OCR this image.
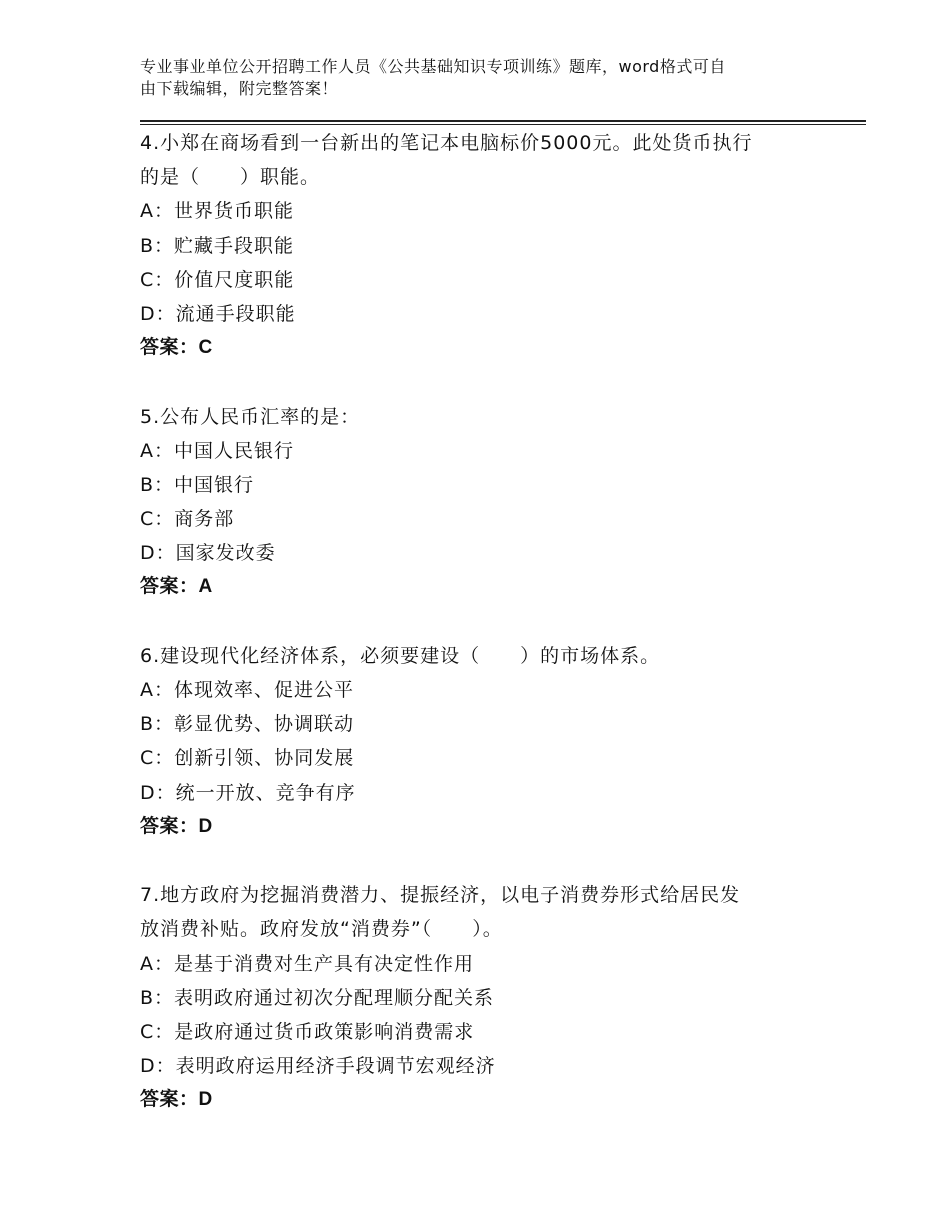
专业事业单位公开招聘工作人员《公共基础知识专项训练》题库，word格式可自
由下载编辑，附完整答案！
4.小郑在商场看到一台新出的笔记本电脑标价5000元。此处货币执行
的是（　　）职能。
A：世界货币职能
B：贮藏手段职能
C：价值尺度职能
D：流通手段职能
答案：C
5.公布人民币汇率的是：
A：中国人民银行
B：中国银行
C：商务部
D：国家发改委
答案：A
6.建设现代化经济体系，必须要建设（　　）的市场体系。
A：体现效率、促进公平
B：彰显优势、协调联动
C：创新引领、协同发展
D：统一开放、竞争有序
答案：D
7.地方政府为挖掘消费潜力、提振经济，以电子消费券形式给居民发
放消费补贴。政府发放“消费券”（　　）。
A：是基于消费对生产具有决定性作用
B：表明政府通过初次分配理顺分配关系
C：是政府通过货币政策影响消费需求
D：表明政府运用经济手段调节宏观经济
答案：D
